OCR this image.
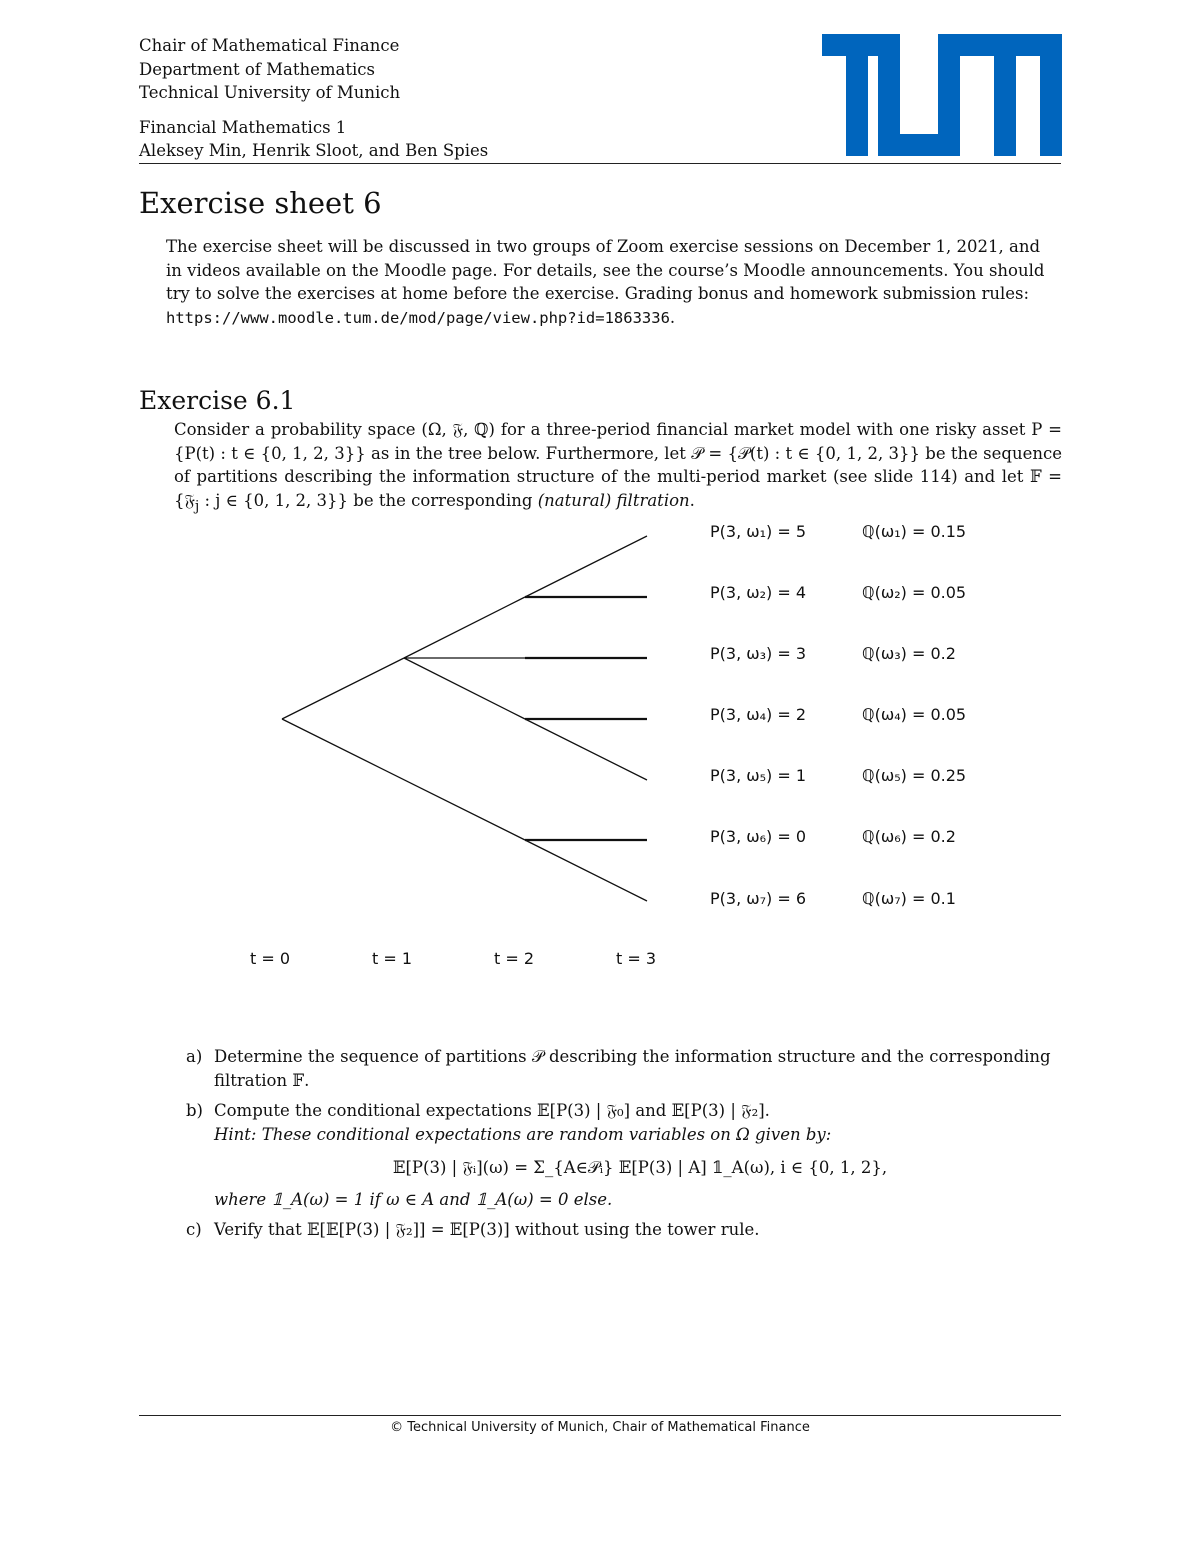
Chair of Mathematical Finance
Department of Mathematics
Technical University of Munich
Financial Mathematics 1
Aleksey Min, Henrik Sloot, and Ben Spies
Exercise sheet 6
The exercise sheet will be discussed in two groups of Zoom exercise sessions on December 1, 2021, and in videos available on the Moodle page. For details, see the course’s Moodle announcements. You should try to solve the exercises at home before the exercise. Grading bonus and homework submission rules: https://www.moodle.tum.de/mod/page/view.php?id=1863336.
Exercise 6.1
Consider a probability space (Ω, 𝔉, ℚ) for a three-period financial market model with one risky asset P = {P(t) : t ∈ {0, 1, 2, 3}} as in the tree below. Furthermore, let 𝒫 = {𝒫(t) : t ∈ {0, 1, 2, 3}} be the sequence of partitions describing the information structure of the multi-period market (see slide 114) and let 𝔽 = {𝔉$_j$ : j ∈ {0, 1, 2, 3}} be the corresponding (natural) filtration.
P(3, ω₁) = 5	ℚ(ω₁) = 0.15
P(3, ω₂) = 4	ℚ(ω₂) = 0.05
P(3, ω₃) = 3	ℚ(ω₃) = 0.2
P(3, ω₄) = 2	ℚ(ω₄) = 0.05
P(3, ω₅) = 1	ℚ(ω₅) = 0.25
P(3, ω₆) = 0	ℚ(ω₆) = 0.2
P(3, ω₇) = 6	ℚ(ω₇) = 0.1
t = 0	t = 1	t = 2	t = 3
a) Determine the sequence of partitions 𝒫 describing the information structure and the corresponding filtration 𝔽.
b) Compute the conditional expectations 𝔼[P(3) | 𝔉₀] and 𝔼[P(3) | 𝔉₂].
Hint: These conditional expectations are random variables on Ω given by:
𝔼[P(3) | 𝔉ᵢ](ω) = Σ_{A∈𝒫ᵢ} 𝔼[P(3) | A] 𝟙_A(ω), i ∈ {0, 1, 2},
where 𝟙_A(ω) = 1 if ω ∈ A and 𝟙_A(ω) = 0 else.
c) Verify that 𝔼[𝔼[P(3) | 𝔉₂]] = 𝔼[P(3)] without using the tower rule.
© Technical University of Munich, Chair of Mathematical Finance
